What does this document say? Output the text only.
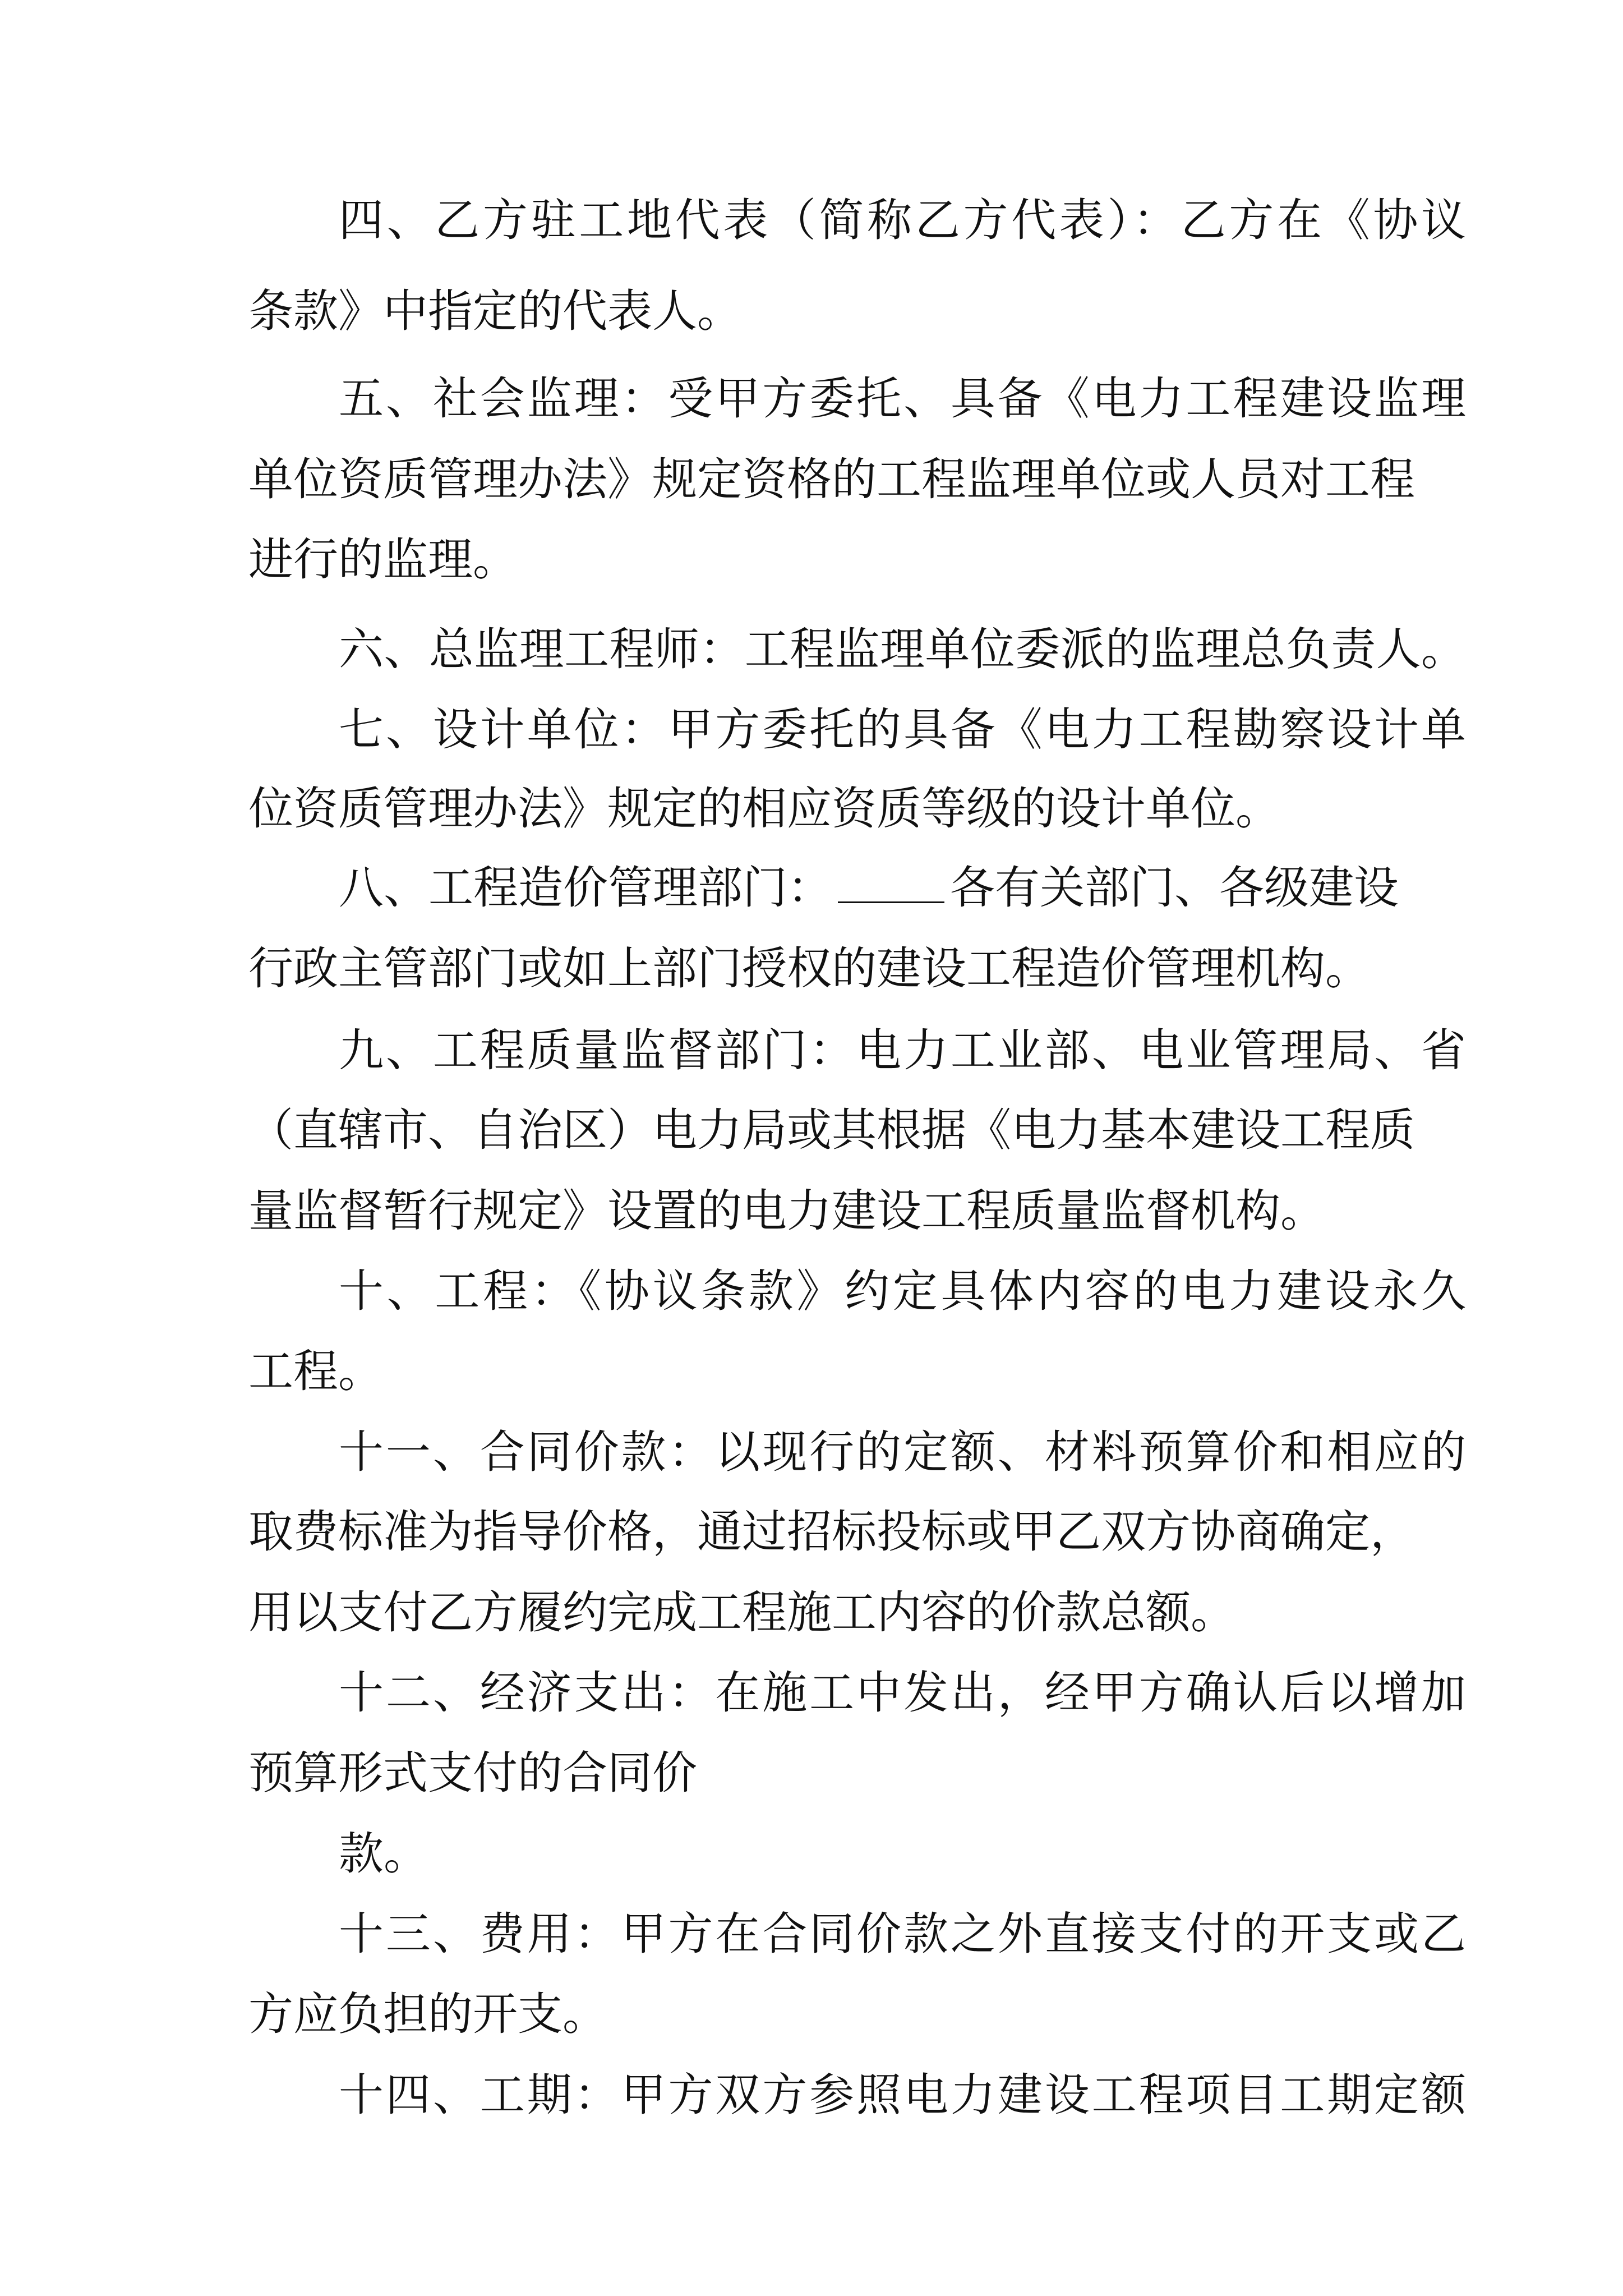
四、乙方驻工地代表（简称乙方代表）：乙方在《协议

条款》中指定的代表人。

五、社会监理：受甲方委托、具备《电力工程建设监理

单位资质管理办法》规定资格的工程监理单位或人员对工程

进行的监理。

六、总监理工程师：工程监理单位委派的监理总负责人。

七、设计单位：甲方委托的具备《电力工程勘察设计单

位资质管理办法》规定的相应资质等级的设计单位。

八、工程造价管理部门：	各有关部门、各级建设

行政主管部门或如上部门授权的建设工程造价管理机构。

九、工程质量监督部门：电力工业部、电业管理局、省

（直辖市、自治区）电力局或其根据《电力基本建设工程质

量监督暂行规定》设置的电力建设工程质量监督机构。

十、工程：《协议条款》约定具体内容的电力建设永久

工程。

十一、合同价款：以现行的定额、材料预算价和相应的

取费标准为指导价格，通过招标投标或甲乙双方协商确定，

用以支付乙方履约完成工程施工内容的价款总额。

十二、经济支出：在施工中发出，经甲方确认后以增加

预算形式支付的合同价

款。

十三、费用：甲方在合同价款之外直接支付的开支或乙

方应负担的开支。

十四、工期：甲方双方参照电力建设工程项目工期定额
